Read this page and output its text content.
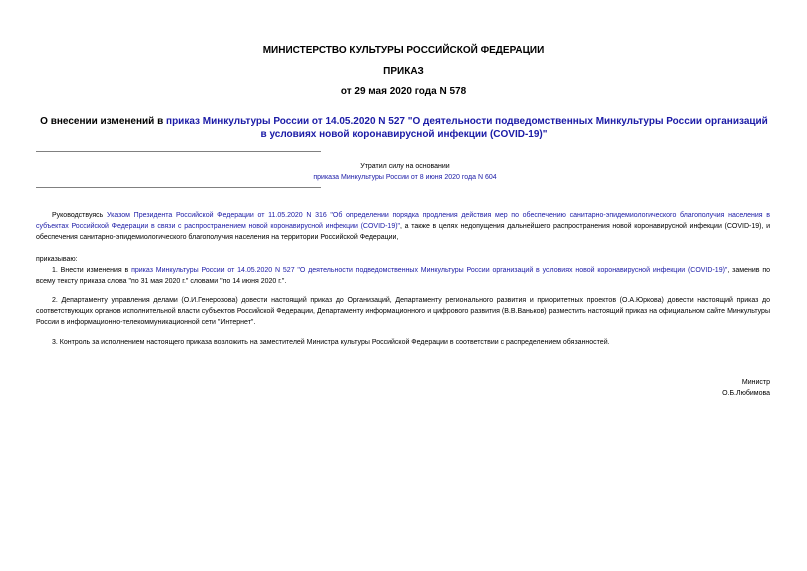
МИНИСТЕРСТВО КУЛЬТУРЫ РОССИЙСКОЙ ФЕДЕРАЦИИ
ПРИКАЗ
от 29 мая 2020 года N 578
О внесении изменений в приказ Минкультуры России от 14.05.2020 N 527 "О деятельности подведомственных Минкультуры России организаций в условиях новой коронавирусной инфекции (COVID-19)"
Утратил силу на основании
приказа Минкультуры России от 8 июня 2020 года N 604
Руководствуясь Указом Президента Российской Федерации от 11.05.2020 N 316 "Об определении порядка продления действия мер по обеспечению санитарно-эпидемиологического благополучия населения в субъектах Российской Федерации в связи с распространением новой коронавирусной инфекции (COVID-19)", а также в целях недопущения дальнейшего распространения новой коронавирусной инфекции (COVID-19), и обеспечения санитарно-эпидемиологического благополучия населения на территории Российской Федерации,
приказываю:
1. Внести изменения в приказ Минкультуры России от 14.05.2020 N 527 "О деятельности подведомственных Минкультуры России организаций в условиях новой коронавирусной инфекции (COVID-19)", заменив по всему тексту приказа слова "по 31 мая 2020 г." словами "по 14 июня 2020 г.".
2. Департаменту управления делами (О.И.Генерозова) довести настоящий приказ до Организаций, Департаменту регионального развития и приоритетных проектов (О.А.Юркова) довести настоящий приказ до соответствующих органов исполнительной власти субъектов Российской Федерации, Департаменту информационного и цифрового развития (В.В.Ваньков) разместить настоящий приказ на официальном сайте Минкультуры России в информационно-телекоммуникационной сети "Интернет".
3. Контроль за исполнением настоящего приказа возложить на заместителей Министра культуры Российской Федерации в соответствии с распределением обязанностей.
Министр
О.Б.Любимова
